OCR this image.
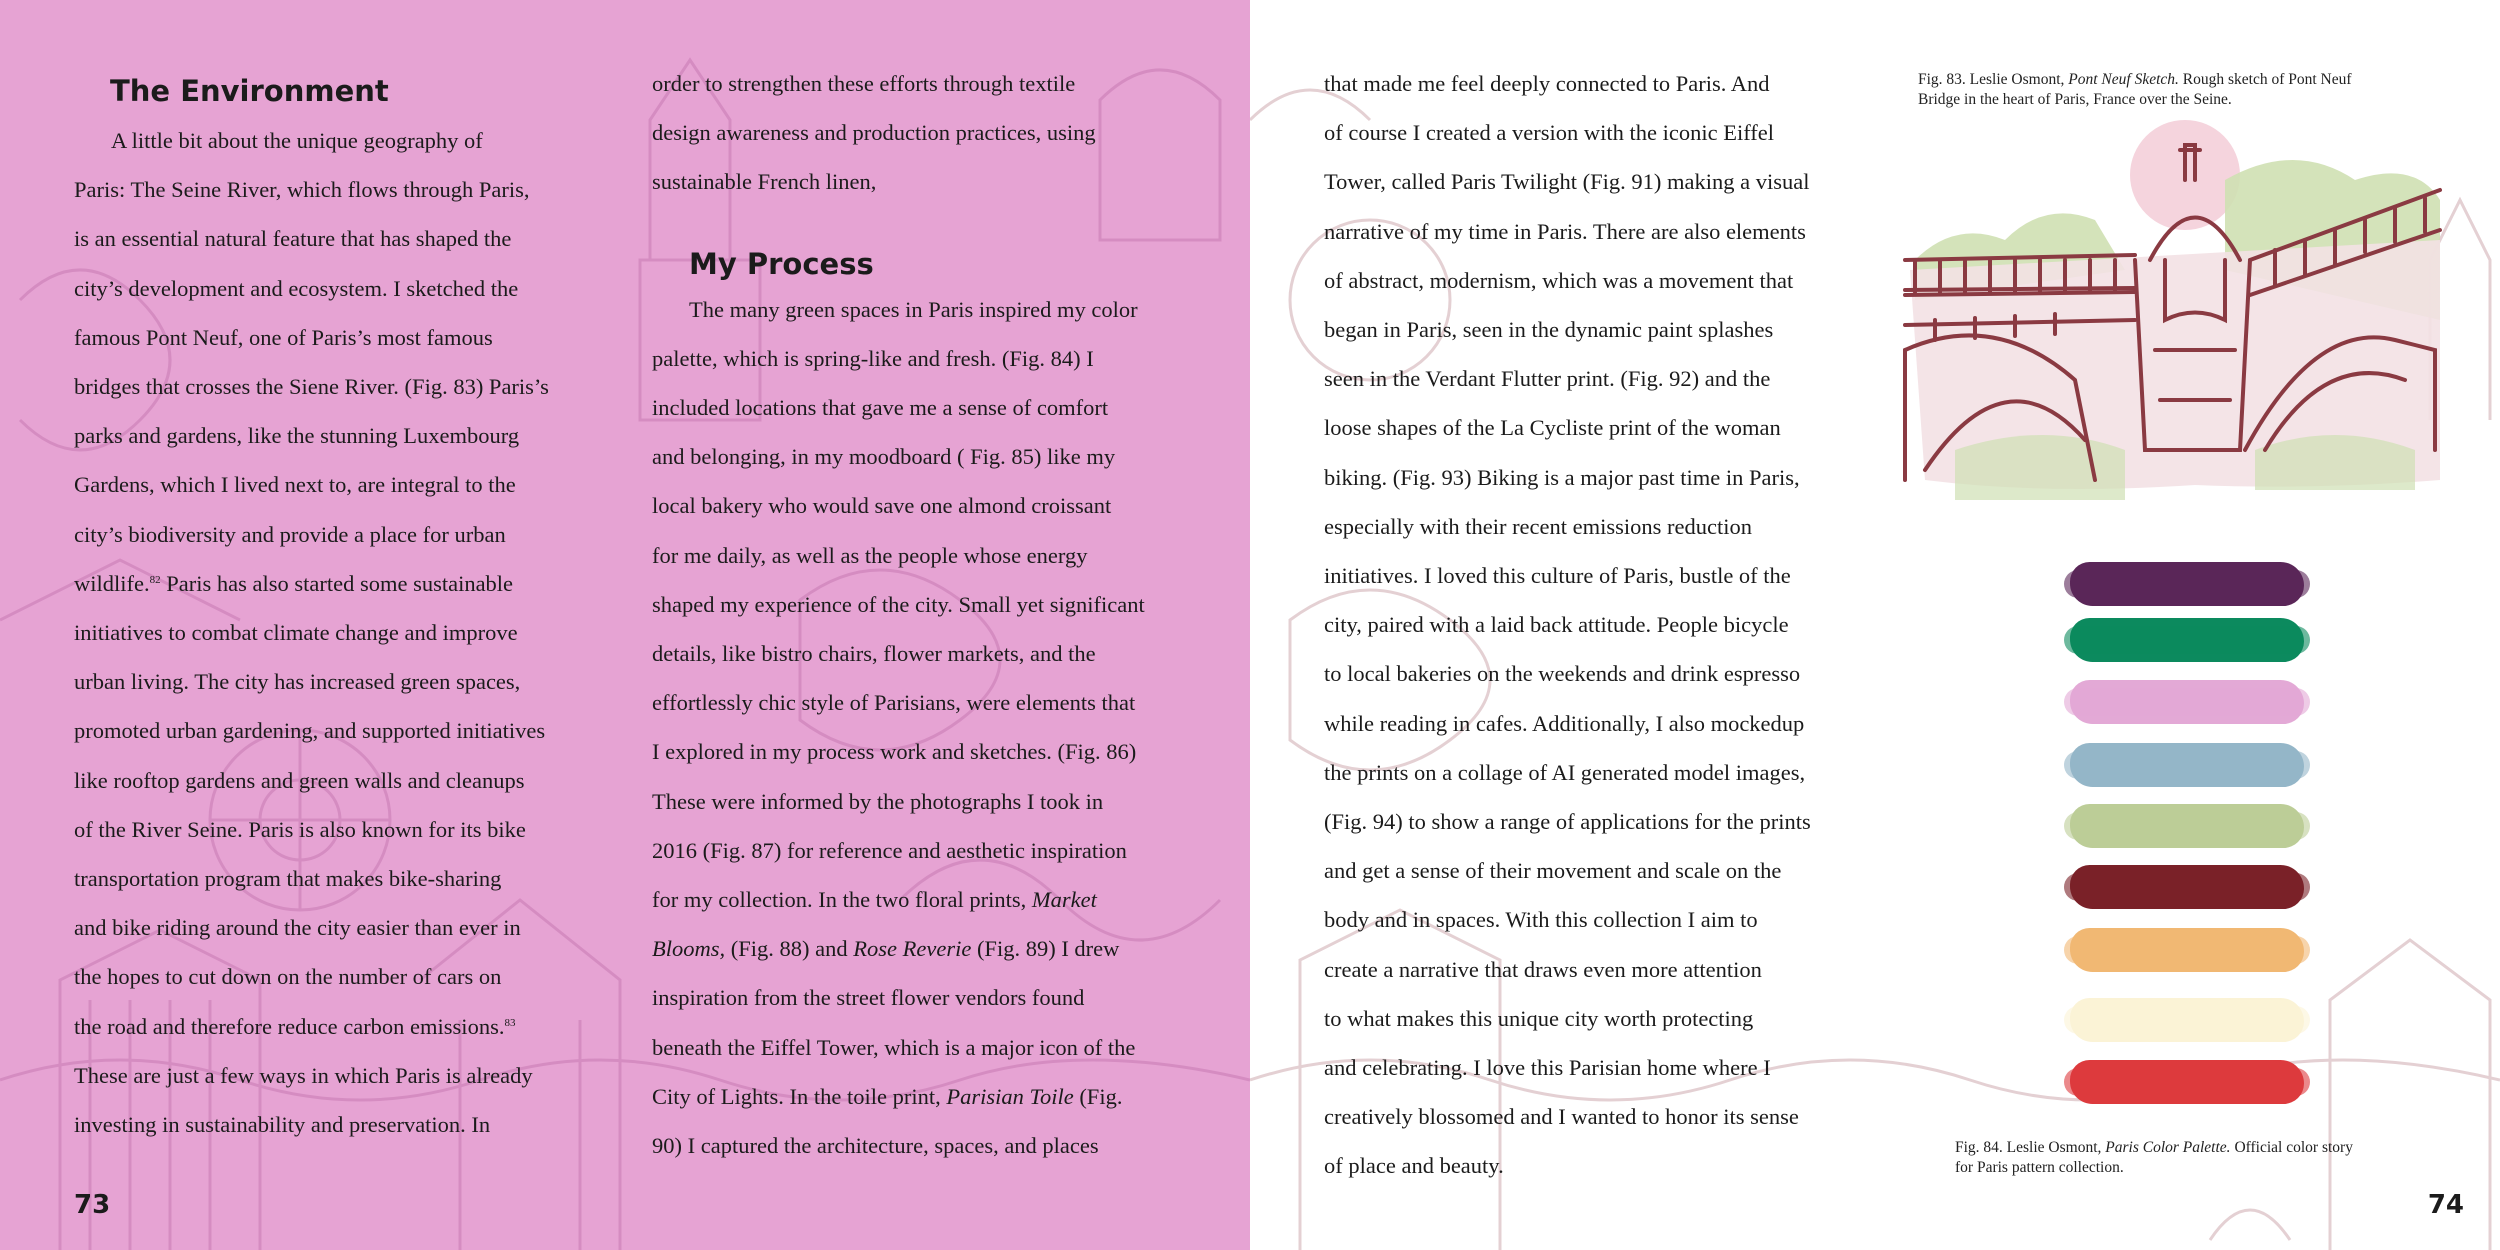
The Environment

A little bit about the unique geography of

Paris: The Seine River, which flows through Paris,

is an essential natural feature that has shaped the

city’s development and ecosystem. I sketched the

famous Pont Neuf, one of Paris’s most famous

bridges that crosses the Siene River. (Fig. 83) Paris’s

parks and gardens, like the stunning Luxembourg

Gardens, which I lived next to, are integral to the

city’s biodiversity and provide a place for urban

wildlife.$^{82}$ Paris has also started some sustainable

initiatives to combat climate change and improve

urban living. The city has increased green spaces,

promoted urban gardening, and supported initiatives

like rooftop gardens and green walls and cleanups

of the River Seine. Paris is also known for its bike

transportation program that makes bike-sharing

and bike riding around the city easier than ever in

the hopes to cut down on the number of cars on

the road and therefore reduce carbon emissions.$^{83}$

These are just a few ways in which Paris is already

investing in sustainability and preservation. In

order to strengthen these efforts through textile

design awareness and production practices, using

sustainable French linen,

My Process

The many green spaces in Paris inspired my color

palette, which is spring-like and fresh. (Fig. 84) I

included locations that gave me a sense of comfort

and belonging, in my moodboard ( Fig. 85) like my

local bakery who would save one almond croissant

for me daily, as well as the people whose energy

shaped my experience of the city. Small yet significant

details, like bistro chairs, flower markets, and the

effortlessly chic style of Parisians, were elements that

I explored in my process work and sketches. (Fig. 86)

These were informed by the photographs I took in

2016 (Fig. 87) for reference and aesthetic inspiration

for my collection. In the two floral prints, Market

Blooms, (Fig. 88) and Rose Reverie (Fig. 89) I drew

inspiration from the street flower vendors found

beneath the Eiffel Tower, which is a major icon of the

City of Lights. In the toile print, Parisian Toile (Fig.

90) I captured the architecture, spaces, and places

73

that made me feel deeply connected to Paris. And

of course I created a version with the iconic Eiffel

Tower, called Paris Twilight (Fig. 91) making a visual

narrative of my time in Paris. There are also elements

of abstract, modernism, which was a movement that

began in Paris, seen in the dynamic paint splashes

seen in the Verdant Flutter print. (Fig. 92) and the

loose shapes of the La Cycliste print of the woman

biking. (Fig. 93) Biking is a major past time in Paris,

especially with their recent emissions reduction

initiatives. I loved this culture of Paris, bustle of the

city, paired with a laid back attitude. People bicycle

to local bakeries on the weekends and drink espresso

while reading in cafes. Additionally, I also mockedup

the prints on a collage of AI generated model images,

(Fig. 94) to show a range of applications for the prints

and get a sense of their movement and scale on the

body and in spaces. With this collection I aim to

create a narrative that draws even more attention

to what makes this unique city worth protecting

and celebrating. I love this Parisian home where I

creatively blossomed and I wanted to honor its sense

of place and beauty.

74
Fig. 83. Leslie Osmont, Pont Neuf Sketch. Rough sketch of Pont Neuf
Bridge in the heart of Paris, France over the Seine.
Fig. 84. Leslie Osmont, Paris Color Palette. Official color story
for Paris pattern collection.
